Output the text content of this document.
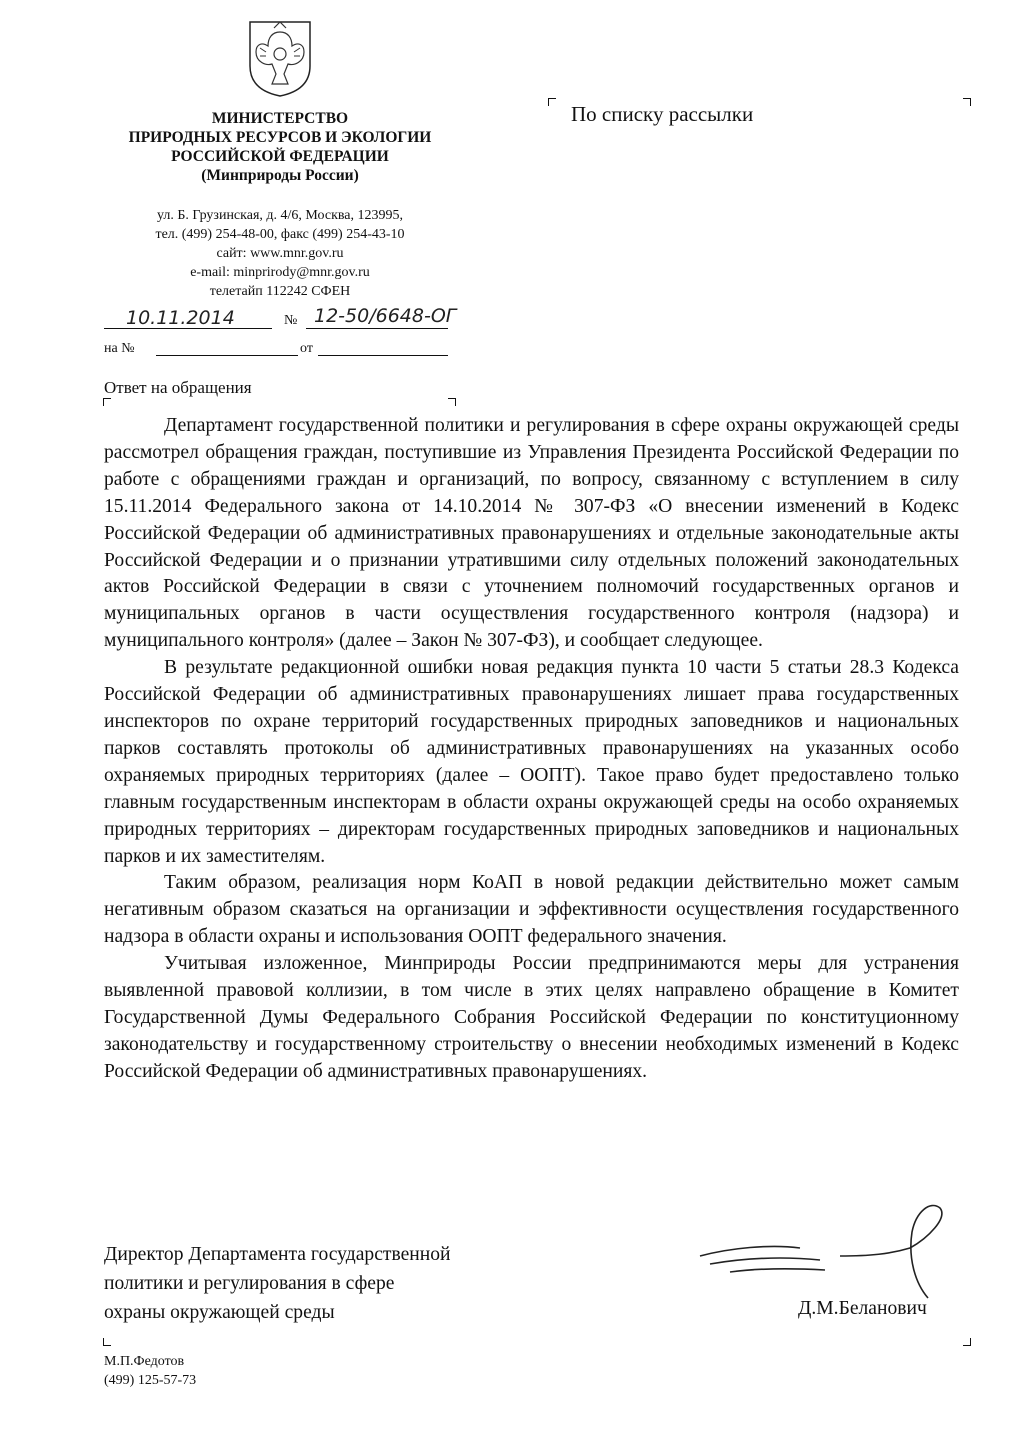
МИНИСТЕРСТВО
ПРИРОДНЫХ РЕСУРСОВ И ЭКОЛОГИИ
РОССИЙСКОЙ ФЕДЕРАЦИИ
(Минприроды России)
ул. Б. Грузинская, д. 4/6, Москва, 123995,
тел. (499) 254-48-00, факс (499) 254-43-10
сайт: www.mnr.gov.ru
e-mail: minprirody@mnr.gov.ru
телетайп 112242 СФЕН
10.11.2014	№ 12-50/6648-ОГ
на №	от
По списку рассылки
Ответ на обращения

Департамент государственной политики и регулирования в сфере охраны окружающей среды рассмотрел обращения граждан, поступившие из Управления Президента Российской Федерации по работе с обращениями граждан и организаций, по вопросу, связанному с вступлением в силу 15.11.2014 Федерального закона от 14.10.2014 № 307-ФЗ «О внесении изменений в Кодекс Российской Федерации об административных правонарушениях и отдельные законодательные акты Российской Федерации и о признании утратившими силу отдельных положений законодательных актов Российской Федерации в связи с уточнением полномочий государственных органов и муниципальных органов в части осуществления государственного контроля (надзора) и муниципального контроля» (далее – Закон № 307-ФЗ), и сообщает следующее.

В результате редакционной ошибки новая редакция пункта 10 части 5 статьи 28.3 Кодекса Российской Федерации об административных правонарушениях лишает права государственных инспекторов по охране территорий государственных природных заповедников и национальных парков составлять протоколы об административных правонарушениях на указанных особо охраняемых природных территориях (далее – ООПТ). Такое право будет предоставлено только главным государственным инспекторам в области охраны окружающей среды на особо охраняемых природных территориях – директорам государственных природных заповедников и национальных парков и их заместителям.

Таким образом, реализация норм КоАП в новой редакции действительно может самым негативным образом сказаться на организации и эффективности осуществления государственного надзора в области охраны и использования ООПТ федерального значения.

Учитывая изложенное, Минприроды России предпринимаются меры для устранения выявленной правовой коллизии, в том числе в этих целях направлено обращение в Комитет Государственной Думы Федерального Собрания Российской Федерации по конституционному законодательству и государственному строительству о внесении необходимых изменений в Кодекс Российской Федерации об административных правонарушениях.

Директор Департамента государственной
политики и регулирования в сфере
охраны окружающей среды	Д.М.Беланович
М.П.Федотов
(499) 125-57-73
